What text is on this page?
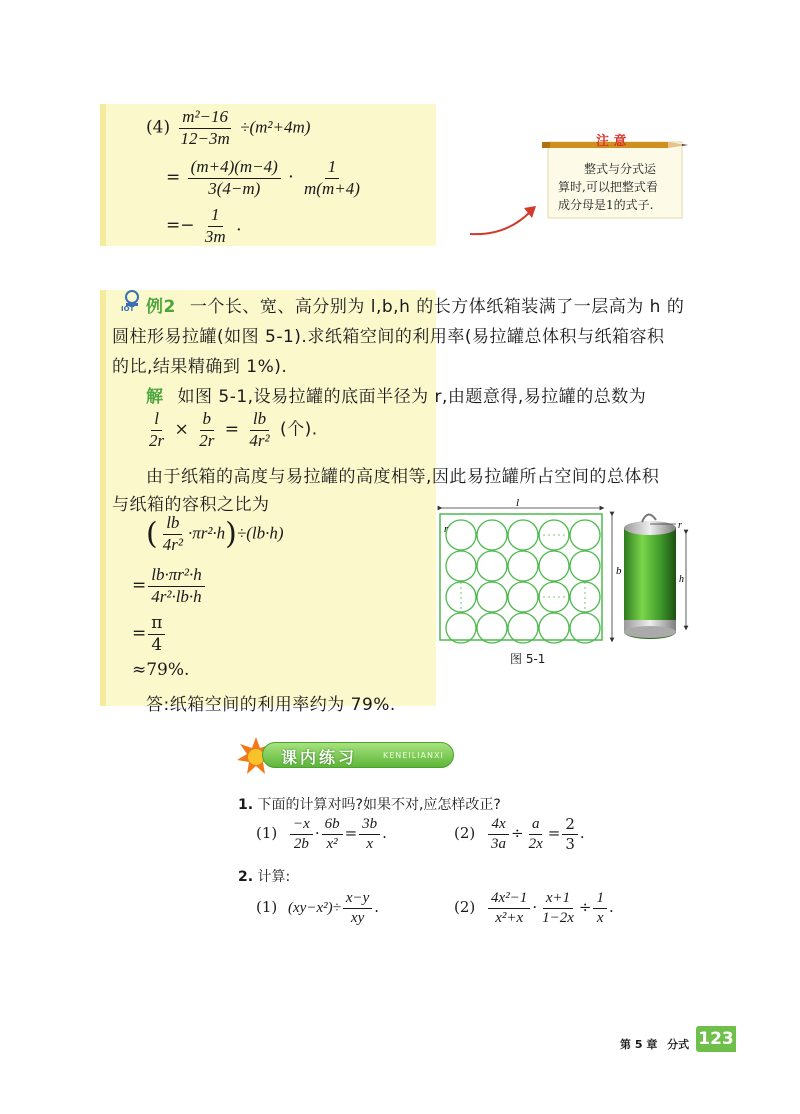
$(4) \frac{\text{m²−16}}{12-3m} \div(m^2+4m)$
= $\frac{(m+4)(m-4)}{3(4-m)} \cdot \frac{1}{m(m+4)}$
=− $\frac{1}{3m}$ .
注 意
整式与分式运
算时,可以把整式看
成分母是1的式子.
IOT 例2 一个长、宽、高分别为 l,b,h 的长方体纸箱装满了一层高为 h 的
圆柱形易拉罐(如图 5-1).求纸箱空间的利用率(易拉罐总体积与纸箱容积
的比,结果精确到 1%).
解 如图 5-1,设易拉罐的底面半径为 r,由题意得,易拉罐的总数为
$\frac{l}{2r} \times \frac{b}{2r} = \frac{lb}{\text{4r²}}$ (个).
由于纸箱的高度与易拉罐的高度相等,因此易拉罐所占空间的总体积
与纸箱的容积之比为
( $\frac{lb}{\text{4r²}} \cdot\pi r^2\cdot h)\div(lb\cdot h)$
= $\frac{\text{lb·πr²·h}}{\text{4r²·lb·h}}$
= $\frac{\pi}{4}$
≈79%.
答:纸箱空间的利用率约为 79%.
l
b
r	r
h
图 5-1
课内练习	KENEILIANXI
1. 下面的计算对吗?如果不对,应怎样改正?
$(1) \frac{-x}{2b} \cdot \frac{6b}{\text{x²}} = \frac{3b}{x}$ .	$(2) \frac{4x}{3a} \div \frac{a}{2x} = \frac{2}{3}$ .
2. 计算:
(1) $(xy-x^2)\div \frac{x-y}{xy}$ .	$(2) \frac{\text{4x²−1}}{\text{x²+x}} \cdot \frac{x+1}{1-2x} \div \frac{1}{x}$ .
第 5 章 分式 123
